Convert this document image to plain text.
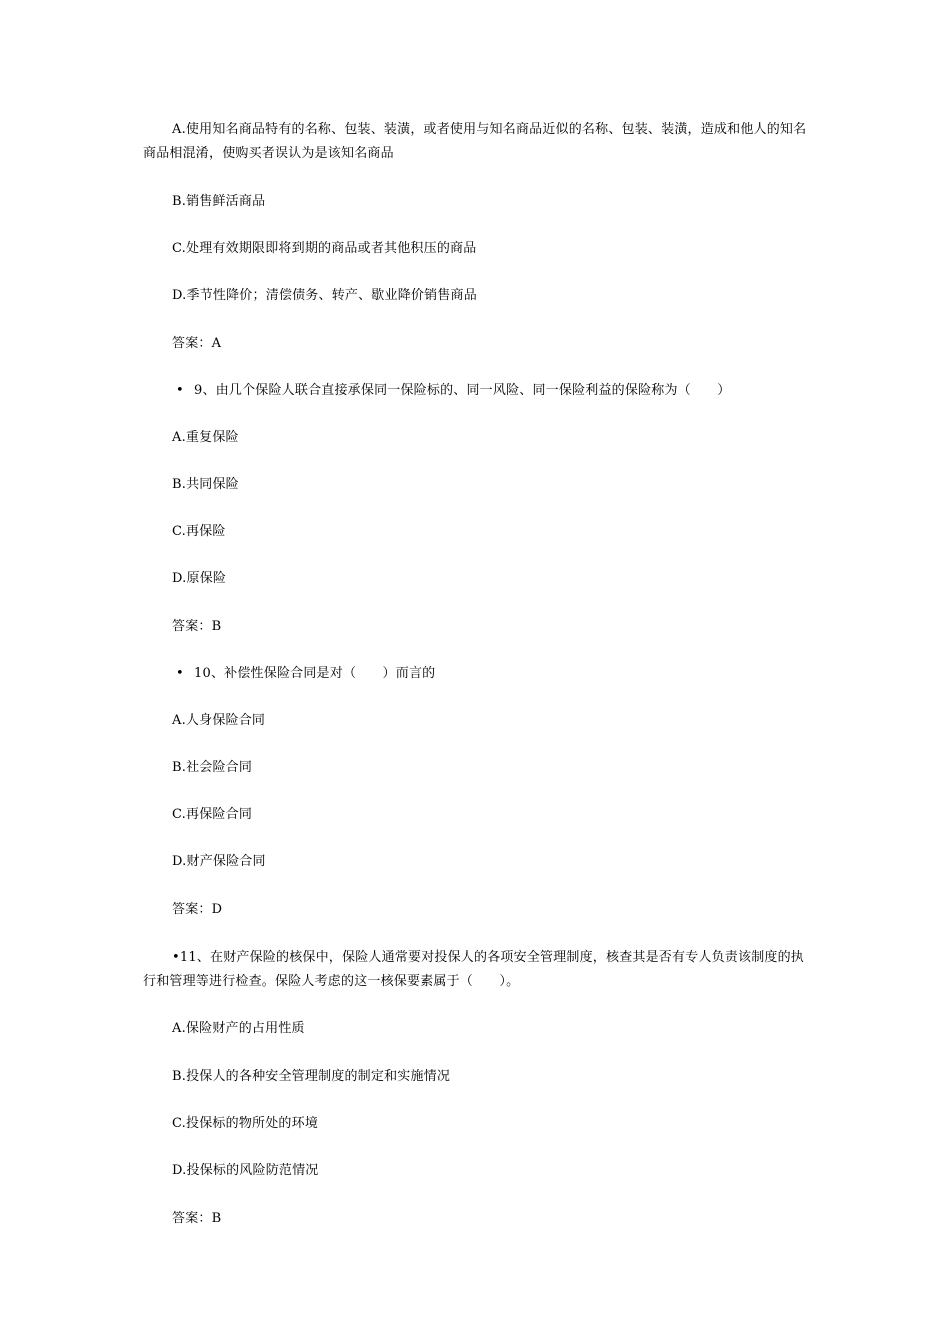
A.使用知名商品特有的名称、包装、装潢，或者使用与知名商品近似的名称、包装、装潢，造成和他人的知名商品相混淆，使购买者误认为是该知名商品
B.销售鲜活商品
C.处理有效期限即将到期的商品或者其他积压的商品
D.季节性降价；清偿债务、转产、歇业降价销售商品
答案：A
• 9、由几个保险人联合直接承保同一保险标的、同一风险、同一保险利益的保险称为（　　）
A.重复保险
B.共同保险
C.再保险
D.原保险
答案：B
• 10、补偿性保险合同是对（　　）而言的
A.人身保险合同
B.社会险合同
C.再保险合同
D.财产保险合同
答案：D
•11、在财产保险的核保中，保险人通常要对投保人的各项安全管理制度，核查其是否有专人负责该制度的执行和管理等进行检查。保险人考虑的这一核保要素属于（　　）。
A.保险财产的占用性质
B.投保人的各种安全管理制度的制定和实施情况
C.投保标的物所处的环境
D.投保标的风险防范情况
答案：B
